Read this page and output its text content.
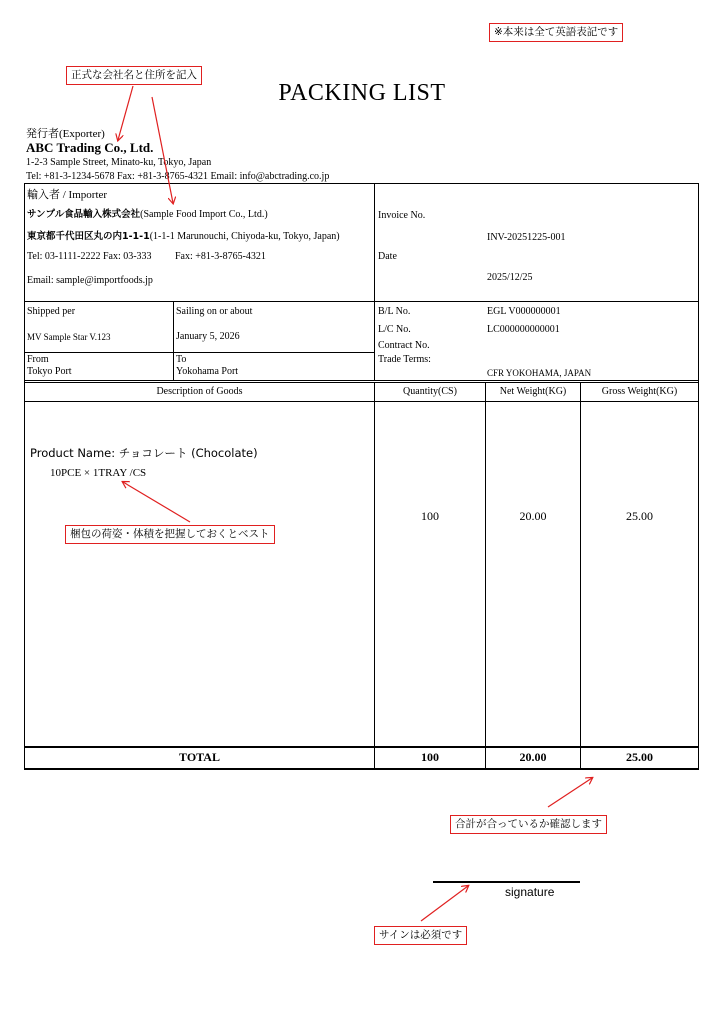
※本来は全て英語表記です
正式な会社名と住所を記入
梱包の荷姿・体積を把握しておくとベスト
合計が合っているか確認します
サインは必須です
PACKING LIST
発行者(Exporter)
ABC Trading Co., Ltd.
1-2-3 Sample Street, Minato-ku, Tokyo, Japan
Tel: +81-3-1234-5678 Fax: +81-3-8765-4321 Email: info@abctrading.co.jp
輸入者 / Importer
サンプル食品輸入株式会社(Sample Food Import Co., Ltd.)
東京都千代田区丸の内1-1-1(1-1-1 Marunouchi, Chiyoda-ku, Tokyo, Japan)
Tel: 03-1111-2222 Fax: 03-333 Fax: +81-3-8765-4321
Email: sample@importfoods.jp
Invoice No.
INV-20251225-001
Date
2025/12/25
Shipped per
MV Sample Star V.123
Sailing on or about
January 5, 2026
From
Tokyo Port
To
Yokohama Port
B/L No.	EGL V000000001
L/C No.	LC000000000001
Contract No.
Trade Terms:
CFR YOKOHAMA, JAPAN
Description of Goods	Quantity(CS)	Net Weight(KG)	Gross Weight(KG)
Product Name: チョコレート (Chocolate)
10PCE × 1TRAY /CS
100	20.00	25.00
TOTAL	100	20.00	25.00
signature
